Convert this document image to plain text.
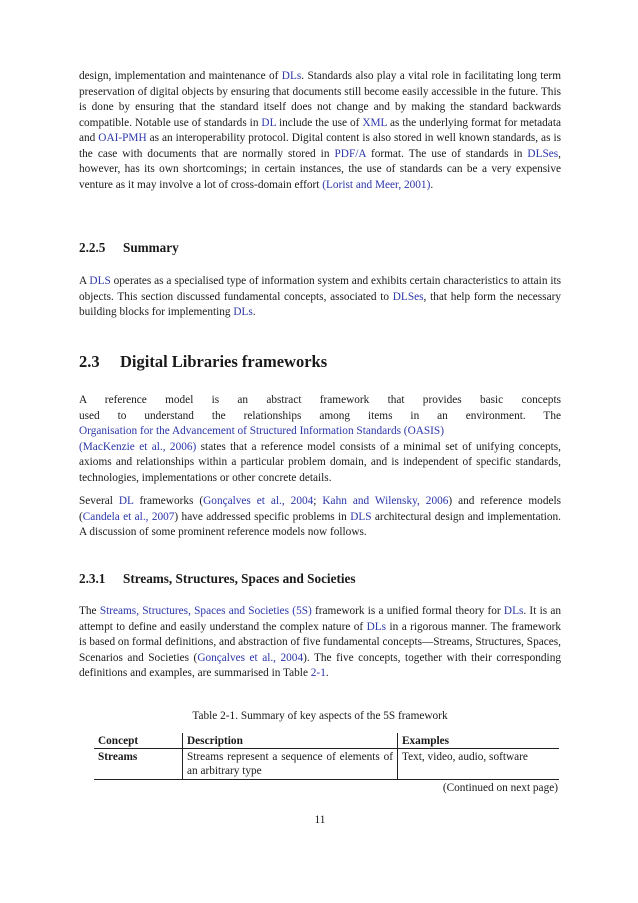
design, implementation and maintenance of DLs. Standards also play a vital role in facilitating long term preservation of digital objects by ensuring that documents still become easily accessible in the future. This is done by ensuring that the standard itself does not change and by making the standard backwards compatible. Notable use of standards in DL include the use of XML as the underlying format for metadata and OAI-PMH as an interoperability protocol. Digital content is also stored in well known standards, as is the case with documents that are normally stored in PDF/A format. The use of standards in DLSes, however, has its own shortcomings; in certain instances, the use of standards can be a very expensive venture as it may involve a lot of cross-domain effort (Lorist and Meer, 2001).

2.2.5 Summary

A DLS operates as a specialised type of information system and exhibits certain characteristics to attain its objects. This section discussed fundamental concepts, associated to DLSes, that help form the necessary building blocks for implementing DLs.

2.3 Digital Libraries frameworks

A reference model is an abstract framework that provides basic concepts
used to understand the relationships among items in an environment. The
Organisation for the Advancement of Structured Information Standards (OASIS)
(MacKenzie et al., 2006) states that a reference model consists of a minimal set of unifying concepts, axioms and relationships within a particular problem domain, and is independent of specific standards, technologies, implementations or other concrete details.

Several DL frameworks (Gonçalves et al., 2004; Kahn and Wilensky, 2006) and reference models (Candela et al., 2007) have addressed specific problems in DLS architectural design and implementation. A discussion of some prominent reference models now follows.

2.3.1 Streams, Structures, Spaces and Societies

The Streams, Structures, Spaces and Societies (5S) framework is a unified formal theory for DLs. It is an attempt to define and easily understand the complex nature of DLs in a rigorous manner. The framework is based on formal definitions, and abstraction of five fundamental concepts—Streams, Structures, Spaces, Scenarios and Societies (Gonçalves et al., 2004). The five concepts, together with their corresponding definitions and examples, are summarised in Table 2-1.

Table 2-1. Summary of key aspects of the 5S framework
Concept	Description	Examples
Streams	Streams represent a sequence of elements of an arbitrary type	Text, video, audio, software
(Continued on next page)
11
